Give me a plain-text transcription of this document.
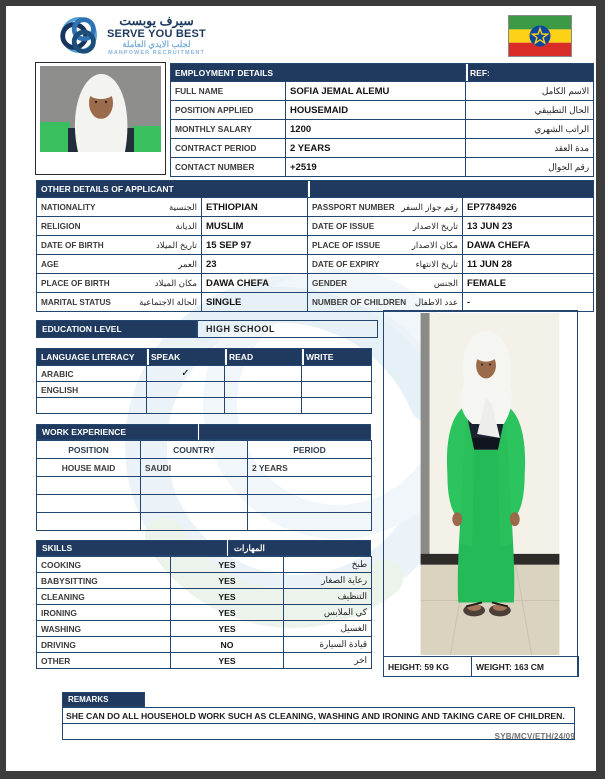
سيرف يوبست
SERVE YOU BEST
لجلب الايدي العاملة
MANPOWER RECRUITMENT
EMPLOYMENT DETAILS		REF:
FULL NAME	SOFIA JEMAL ALEMU	الاسم الكامل
POSITION APPLIED	HOUSEMAID	الحال التطبيقي
MONTHLY SALARY	1200	الراتب الشهري
CONTRACT PERIOD	2 YEARS	مدة العقد
CONTACT NUMBER	+2519	رقم الجوال
OTHER DETAILS OF APPLICANT			

NATIONALITY الجنسية	ETHIOPIAN	PASSPORT NUMBER رقم جواز السفر	EP7784926

RELIGION الديانة	MUSLIM	DATE OF ISSUE تاريخ الاصدار	13 JUN 23

DATE OF BIRTH تاريخ الميلاد	15 SEP 97	PLACE OF ISSUE مكان الاصدار	DAWA CHEFA

AGE العمر	23	DATE OF EXPIRY تاريخ الانتهاء	11 JUN 28

PLACE OF BIRTH مكان الميلاد	DAWA CHEFA	GENDER الجنس	FEMALE

MARITAL STATUS الحالة الاجتماعية	SINGLE	NUMBER OF CHILDREN عدد الاطفال	-
EDUCATION LEVEL	HIGH SCHOOL
LANGUAGE LITERACY	SPEAK	READ	WRITE
ARABIC	✓		
ENGLISH			

WORK EXPERIENCE
POSITION	COUNTRY	PERIOD
HOUSE MAID	SAUDI	2 YEARS

SKILLS	المهارات
COOKING	YES	طبخ
BABYSITTING	YES	رعاية الصغار
CLEANING	YES	التنظيف
IRONING	YES	كي الملابس
WASHING	YES	الغسيل
DRIVING	NO	قيادة السيارة
OTHER	YES	اخر
HEIGHT: 59 KG	WEIGHT: 163 CM
REMARKS
SHE CAN DO ALL HOUSEHOLD WORK SUCH AS CLEANING, WASHING AND IRONING AND TAKING CARE OF CHILDREN.
SYB/MCV/ETH/24/09
